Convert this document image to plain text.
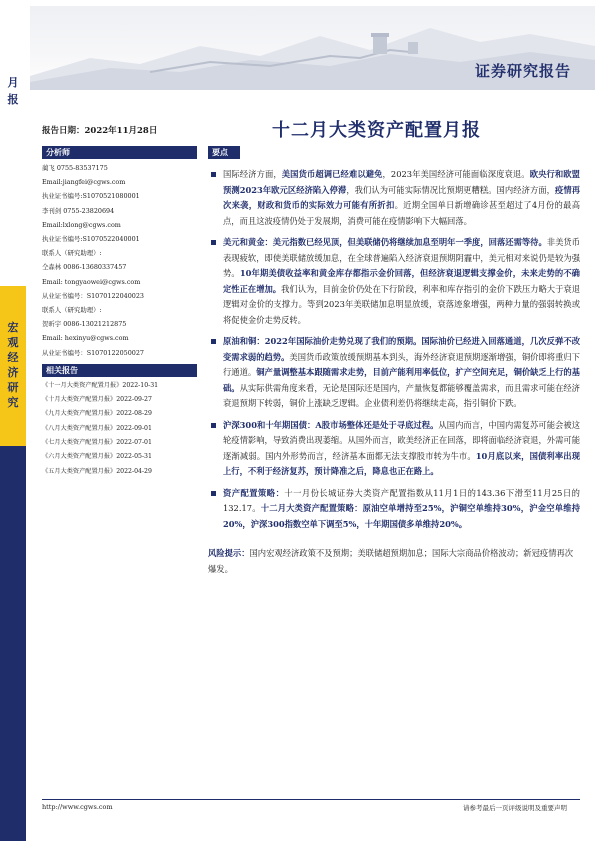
月报
宏观经济研究
证券研究报告
报告日期：2022年11月28日	十二月大类资产配置月报
分析师
蔺飞 0755-83537175
Email:jiangfei@cgws.com
执业证书编号:S1070521080001
李刊剑 0755-23820694
Email:lxlong@cgws.com
执业证书编号:S1070522040001
联系人（研究助理）:
仝森林 0086-13680337457
Email: tongyaowei@cgws.com
从业证书编号：S1070122040023
联系人（研究助理）:
贺昕宇 0086-13021212875
Email: hexinyu@cgws.com
从业证书编号：S1070122050027
相关报告
《十一月大类资产配置月报》2022-10-31
《十月大类资产配置月报》2022-09-27
《九月大类资产配置月报》2022-08-29
《八月大类资产配置月报》2022-09-01
《七月大类资产配置月报》2022-07-01
《六月大类资产配置月报》2022-05-31
《五月大类资产配置月报》2022-04-29
要点
国际经济方面，美国货币超调已经难以避免，2023年美国经济可能面临深度衰退。欧央行和欧盟预测2023年欧元区经济陷入停滞，我们认为可能实际情况比预期更糟糕。国内经济方面，疫情再次来袭，财政和货币的实际效力可能有所折扣。近期全国单日新增确诊甚至超过了4月份的最高点，而且这波疫情仍处于发展期，消费可能在疫情影响下大幅回落。
美元和黄金：美元指数已经见顶，但美联储仍将继续加息至明年一季度，回落还需等待。非美货币表现疲软，即使美联储放缓加息，在全球普遍陷入经济衰退预期阴霾中，美元相对来说仍是较为强势。10年期美债收益率和黄金库存都指示金价回落，但经济衰退逻辑支撑金价，未来走势的不确定性正在增加。我们认为，目前金价仍处在下行阶段，利率和库存指引的金价下跌压力略大于衰退逻辑对金价的支撑力。等到2023年美联储加息明显放缓，衰落迹象增强，两种力量的强弱转换或将促使金价走势反转。
原油和铜：2022年国际油价走势兑现了我们的预期。国际油价已经进入回落通道，几次反弹不改变需求弱的趋势。美国货币政策放缓预期基本到头，海外经济衰退预期逐渐增强，铜价即将重归下行通道。铜产量调整基本跟随需求走势，目前产能利用率低位，扩产空间充足，铜价缺乏上行的基础。从实际供需角度来看，无论是国际还是国内，产量恢复都能够覆盖需求，而且需求可能在经济衰退预期下转弱，铜价上涨缺乏逻辑。企业债利差仍将继续走高，指引铜价下跌。
沪深300和十年期国债：A股市场整体还是处于寻底过程。从国内而言，中国内需复苏可能会被这轮疫情影响，导致消费出现萎缩。从国外而言，欧美经济正在回落，即将面临经济衰退，外需可能逐渐减弱。国内外形势而言，经济基本面都无法支撑股市转为牛市。10月底以来，国债利率出现上行，不利于经济复苏，预计降准之后，降息也正在路上。
资产配置策略：十一月份长城证券大类资产配置指数从11月1日的143.36下滑至11月25日的132.17。十二月大类资产配置策略：原油空单增持至25%，沪铜空单维持30%，沪金空单维持20%，沪深300指数空单下调至5%，十年期国债多单维持20%。
风险提示：国内宏观经济政策不及预期；美联储超预期加息；国际大宗商品价格波动；新冠疫情再次爆发。
http://www.cgws.com	请参考最后一页评级说明及重要声明
